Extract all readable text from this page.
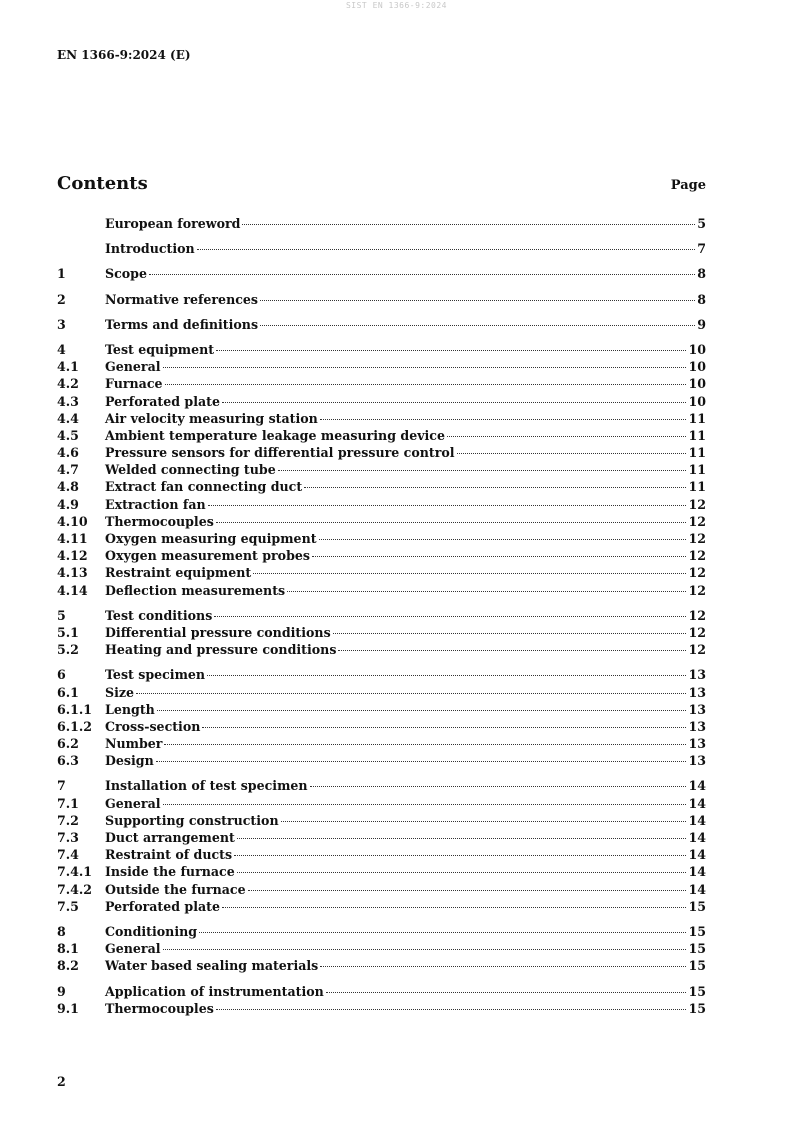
SIST EN 1366-9:2024
EN 1366-9:2024 (E)
Contents	Page
European foreword	5
Introduction	7
1	Scope	8
2	Normative references	8
3	Terms and definitions	9
4	Test equipment	10
4.1	General	10
4.2	Furnace	10
4.3	Perforated plate	10
4.4	Air velocity measuring station	11
4.5	Ambient temperature leakage measuring device	11
4.6	Pressure sensors for differential pressure control	11
4.7	Welded connecting tube	11
4.8	Extract fan connecting duct	11
4.9	Extraction fan	12
4.10	Thermocouples	12
4.11	Oxygen measuring equipment	12
4.12	Oxygen measurement probes	12
4.13	Restraint equipment	12
4.14	Deflection measurements	12
5	Test conditions	12
5.1	Differential pressure conditions	12
5.2	Heating and pressure conditions	12
6	Test specimen	13
6.1	Size	13
6.1.1	Length	13
6.1.2	Cross-section	13
6.2	Number	13
6.3	Design	13
7	Installation of test specimen	14
7.1	General	14
7.2	Supporting construction	14
7.3	Duct arrangement	14
7.4	Restraint of ducts	14
7.4.1	Inside the furnace	14
7.4.2	Outside the furnace	14
7.5	Perforated plate	15
8	Conditioning	15
8.1	General	15
8.2	Water based sealing materials	15
9	Application of instrumentation	15
9.1	Thermocouples	15
2
